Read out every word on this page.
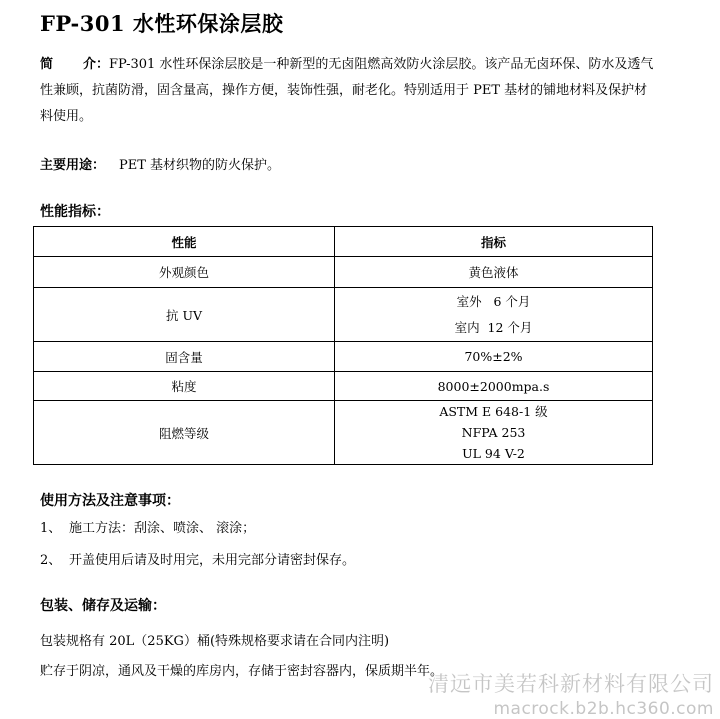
FP-301 水性环保涂层胶
简 介：FP-301 水性环保涂层胶是一种新型的无卤阻燃高效防火涂层胶。该产品无卤环保、防水及透气性兼顾，抗菌防滑，固含量高，操作方便，装饰性强，耐老化。特别适用于 PET 基材的铺地材料及保护材料使用。
主要用途： PET 基材织物的防火保护。
性能指标：
性能	指标
外观颜色	黄色液体

抗 UV	室外   6 个月
室内  12 个月

固含量	70%±2%

粘度	8000±2000mpa.s

阻燃等级	ASTM E 648-1 级
NFPA 253
UL 94 V-2
使用方法及注意事项：
1、 施工方法：刮涂、喷涂、 滚涂；
2、 开盖使用后请及时用完，未用完部分请密封保存。
包装、储存及运输：
包装规格有 20L（25KG）桶(特殊规格要求请在合同内注明)
贮存于阴凉，通风及干燥的库房内，存储于密封容器内，保质期半年。
清远市美若科新材料有限公司
macrock.b2b.hc360.com
